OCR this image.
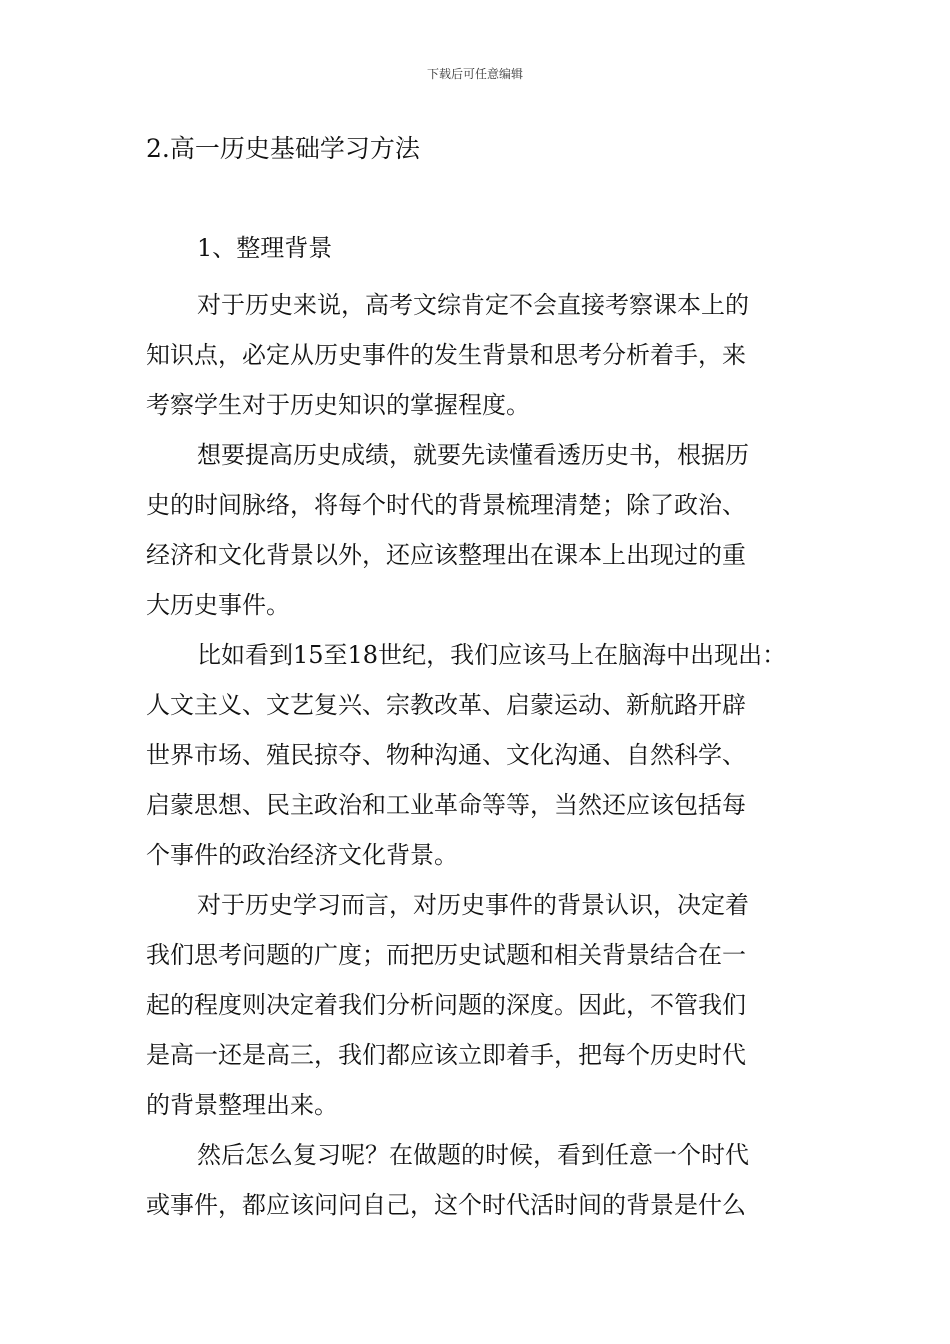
下载后可任意编辑
2.高一历史基础学习方法
1、整理背景
对于历史来说，高考文综肯定不会直接考察课本上的
知识点，必定从历史事件的发生背景和思考分析着手，来
考察学生对于历史知识的掌握程度。
想要提高历史成绩，就要先读懂看透历史书，根据历
史的时间脉络，将每个时代的背景梳理清楚；除了政治、
经济和文化背景以外，还应该整理出在课本上出现过的重
大历史事件。
比如看到15至18世纪，我们应该马上在脑海中出现出：
人文主义、文艺复兴、宗教改革、启蒙运动、新航路开辟
世界市场、殖民掠夺、物种沟通、文化沟通、自然科学、
启蒙思想、民主政治和工业革命等等，当然还应该包括每
个事件的政治经济文化背景。
对于历史学习而言，对历史事件的背景认识，决定着
我们思考问题的广度；而把历史试题和相关背景结合在一
起的程度则决定着我们分析问题的深度。因此，不管我们
是高一还是高三，我们都应该立即着手，把每个历史时代
的背景整理出来。
然后怎么复习呢？在做题的时候，看到任意一个时代
或事件，都应该问问自己，这个时代活时间的背景是什么
